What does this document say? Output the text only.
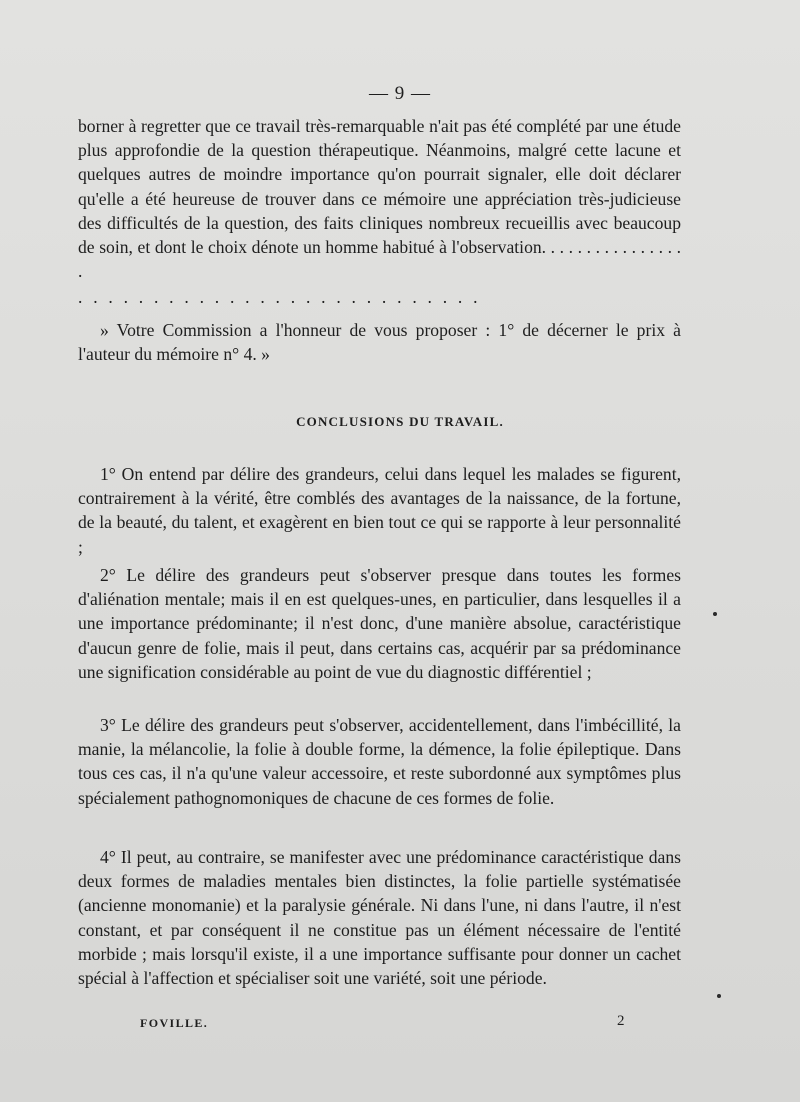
— 9 —

borner à regretter que ce travail très-remarquable n'ait pas été complété par une étude plus approfondie de la question thérapeutique. Néanmoins, malgré cette lacune et quelques autres de moindre importance qu'on pourrait signaler, elle doit déclarer qu'elle a été heureuse de trouver dans ce mémoire une appréciation très-judicieuse des difficultés de la question, des faits cliniques nombreux recueillis avec beaucoup de soin, et dont le choix dénote un homme habitué à l'observation. . . . . . . . . . . . . . . . .

. . . . . . . . . . . . . . . . . . . . . . . . . . .

» Votre Commission a l'honneur de vous proposer : 1° de décerner le prix à l'auteur du mémoire n° 4. »

CONCLUSIONS DU TRAVAIL.

1° On entend par délire des grandeurs, celui dans lequel les malades se figurent, contrairement à la vérité, être comblés des avantages de la naissance, de la fortune, de la beauté, du talent, et exagèrent en bien tout ce qui se rapporte à leur personnalité ;

2° Le délire des grandeurs peut s'observer presque dans toutes les formes d'aliénation mentale; mais il en est quelques-unes, en particulier, dans lesquelles il a une importance prédominante; il n'est donc, d'une manière absolue, caractéristique d'aucun genre de folie, mais il peut, dans certains cas, acquérir par sa prédominance une signification considérable au point de vue du diagnostic différentiel ;

3° Le délire des grandeurs peut s'observer, accidentellement, dans l'imbécillité, la manie, la mélancolie, la folie à double forme, la démence, la folie épileptique. Dans tous ces cas, il n'a qu'une valeur accessoire, et reste subordonné aux symptômes plus spécialement pathognomoniques de chacune de ces formes de folie.

4° Il peut, au contraire, se manifester avec une prédominance caractéristique dans deux formes de maladies mentales bien distinctes, la folie partielle systématisée (ancienne monomanie) et la paralysie générale. Ni dans l'une, ni dans l'autre, il n'est constant, et par conséquent il ne constitue pas un élément nécessaire de l'entité morbide ; mais lorsqu'il existe, il a une importance suffisante pour donner un cachet spécial à l'affection et spécialiser soit une variété, soit une période.

FOVILLE.	2
